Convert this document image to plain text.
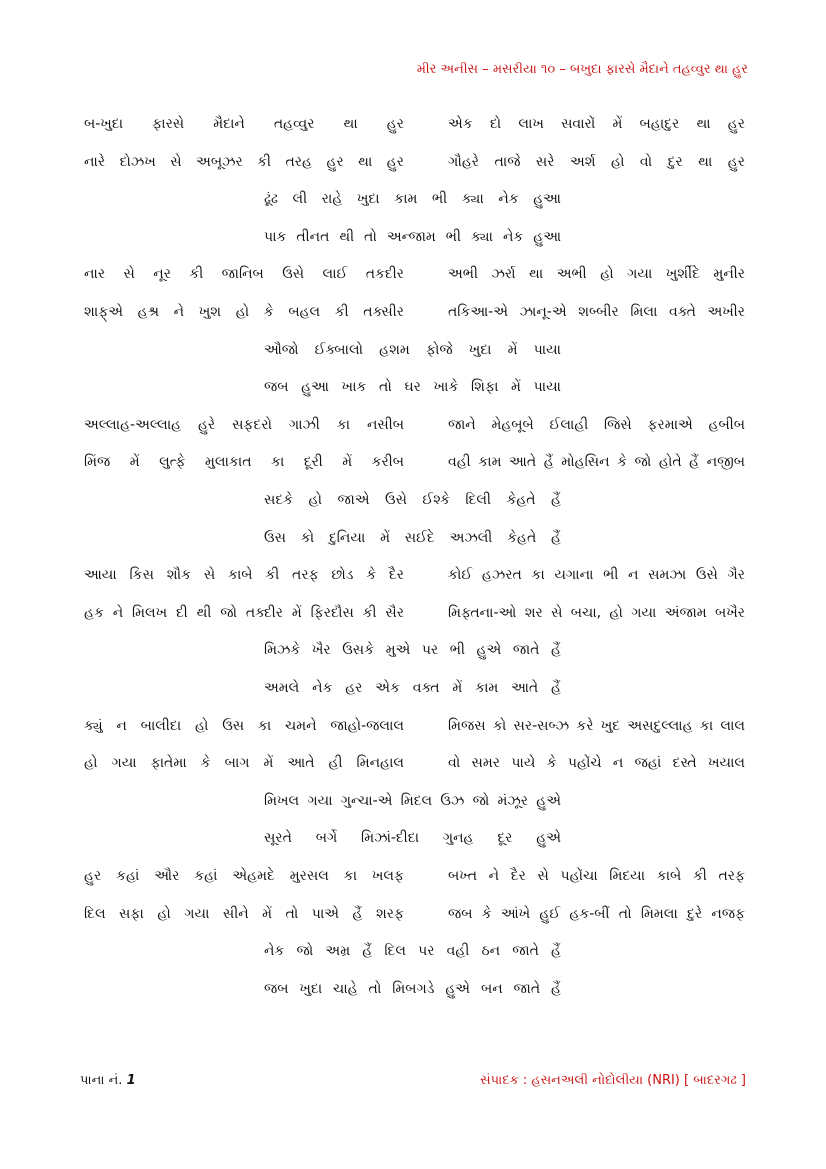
મીર અનીસ – મસરીયા ૧૦ – બખુદા ફારસે મૈદાને તહવ્વુર થા હુર
બ-ખુદા ફારસે મૈદાને તહવ્વુર થા હુર	એક દો લાખ સવારોં મેં બહાદુર થા હુર
નારે દોઝખ સે અબૂઝર કી તરહ હુર થા હુર	ગૌહરે તાજે સરે અર્શ હો વો દુર થા હુર
ઢૂંઢ લી રાહે ખુદા કામ ભી ક્યા નેક હુઆ
પાક તીનત થી તો અન્જામ ભી ક્યા નેક હુઆ
નાર સે નૂર કી જાનિબ ઉસે લાઈ તકદીર	અભી ઝર્રા થા અભી હો ગયા ખુર્શીદે મુનીર
શાફ્એ હશ્ર ને ખુશ હો કે બહલ કી તક્સીર	તકિઆ-એ ઝાનૂ-એ શબ્બીર મિલા વક્તે અખીર
ઔજો ઈક્બાલો હશમ ફોજે ખુદા મેં પાયા
જબ હુઆ ખાક તો ઘર ખાકે શિફા મેં પાયા
અલ્લાહ-અલ્લાહ હુરે સફદરો ગાઝી કા નસીબ	જાને મેહબૂબે ઈલાહી જિસે ફરમાએ હબીબ
મિંજ મેં લુત્ફે મુલાકાત કા દૂરી મેં કરીબ	વહી કામ આતે હૈં મોહસિન કે જો હોતે હૈં નજીબ
સદકે હો જાએ ઉસે ઈશ્કે દિલી કેહતે હૈં
ઉસ કો દુનિયા મેં સઈદે અઝલી કેહતે હૈં
આયા કિસ શૌક સે કાબે કી તરફ છોડ કે દૈર	કોઈ હઝરત કા યગાના ભી ન સમઝા ઉસે ગૈર
હક ને મિલખ દી થી જો તક્દીર મેં ફિરદૌસ કી સૈર	મિફ્તના-ઓ શર સે બચા, હો ગયા અંજામ બખૈર
મિઝકે ખૈર ઉસકે મુએ પર ભી હુએ જાતે હૈં
અમલે નેક હર એક વક્ત મેં કામ આતે હૈં
ક્યું ન બાલીદા હો ઉસ કા ચમને જાહો-જલાલ	મિજસ કો સર-સબ્ઝ કરે ખુદ અસદુલ્લાહ કા લાલ
હો ગયા ફાતેમા કે બાગ મેં આતે હી મિનહાલ	વો સમર પાયે કે પહોંચે ન જહાં દસ્તે ખયાલ
મિખલ ગયા ગુન્ચા-એ મિદલ ઉઝ જો મંઝૂર હુએ
સૂરતે બર્ગે મિઝાં-દીદા ગુનહ દૂર હુએ
હુર કહાં ઔર કહાં એહમદે મુરસલ કા ખલફ	બખ્ત ને દૈર સે પહોંચા મિદયા કાબે કી તરફ
દિલ સફા હો ગયા સીને મેં તો પાએ હૈં શરફ	જબ કે આંખે હુઈ હક-બીં તો મિમલા દુરે નજફ
નેક જો અમ્ર હૈં દિલ પર વહી ઠન જાતે હૈં
જબ ખુદા ચાહે તો મિબગડે હુએ બન જાતે હૈં
પાના નં. 1	સંપાદક : હસનઅલી નોદોલીયા (NRI) [ બાદરગઢ ]
